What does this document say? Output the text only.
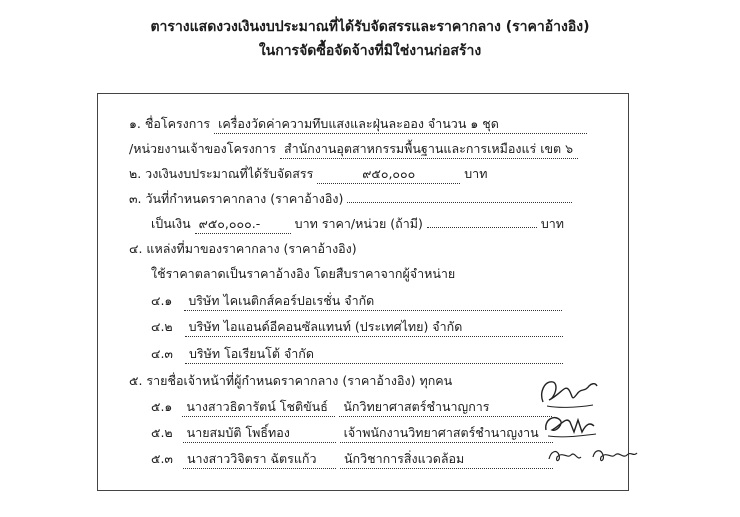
ตารางแสดงวงเงินงบประมาณที่ได้รับจัดสรรและราคากลาง (ราคาอ้างอิง)
ในการจัดซื้อจัดจ้างที่มิใช่งานก่อสร้าง
๑. ชื่อโครงการ เครื่องวัดค่าความทึบแสงและฝุ่นละออง จำนวน ๑ ชุด
/หน่วยงานเจ้าของโครงการ สำนักงานอุตสาหกรรมพื้นฐานและการเหมืองแร่ เขต ๖
๒. วงเงินงบประมาณที่ได้รับจัดสรร	๙๕๐,๐๐๐	บาท
๓. วันที่กำหนดราคากลาง (ราคาอ้างอิง)
เป็นเงิน ๙๕๐,๐๐๐.-	บาท ราคา/หน่วย (ถ้ามี)	บาท
๔. แหล่งที่มาของราคากลาง (ราคาอ้างอิง)
ใช้ราคาตลาดเป็นราคาอ้างอิง โดยสืบราคาจากผู้จำหน่าย
๔.๑ บริษัท ไคเนติกส์คอร์ปอเรชั่น จำกัด
๔.๒ บริษัท ไอแอนด์อีคอนซัลแทนท์ (ประเทศไทย) จำกัด
๔.๓ บริษัท โอเรียนโต้ จำกัด
๕. รายชื่อเจ้าหน้าที่ผู้กำหนดราคากลาง (ราคาอ้างอิง) ทุกคน
๕.๑ นางสาวธิดารัตน์ โชติขันธ์ นักวิทยาศาสตร์ชำนาญการ
๕.๒ นายสมบัติ โพธิ์ทอง	เจ้าพนักงานวิทยาศาสตร์ชำนาญงาน
๕.๓ นางสาววิจิตรา ฉัตรแก้ว นักวิชาการสิ่งแวดล้อม
